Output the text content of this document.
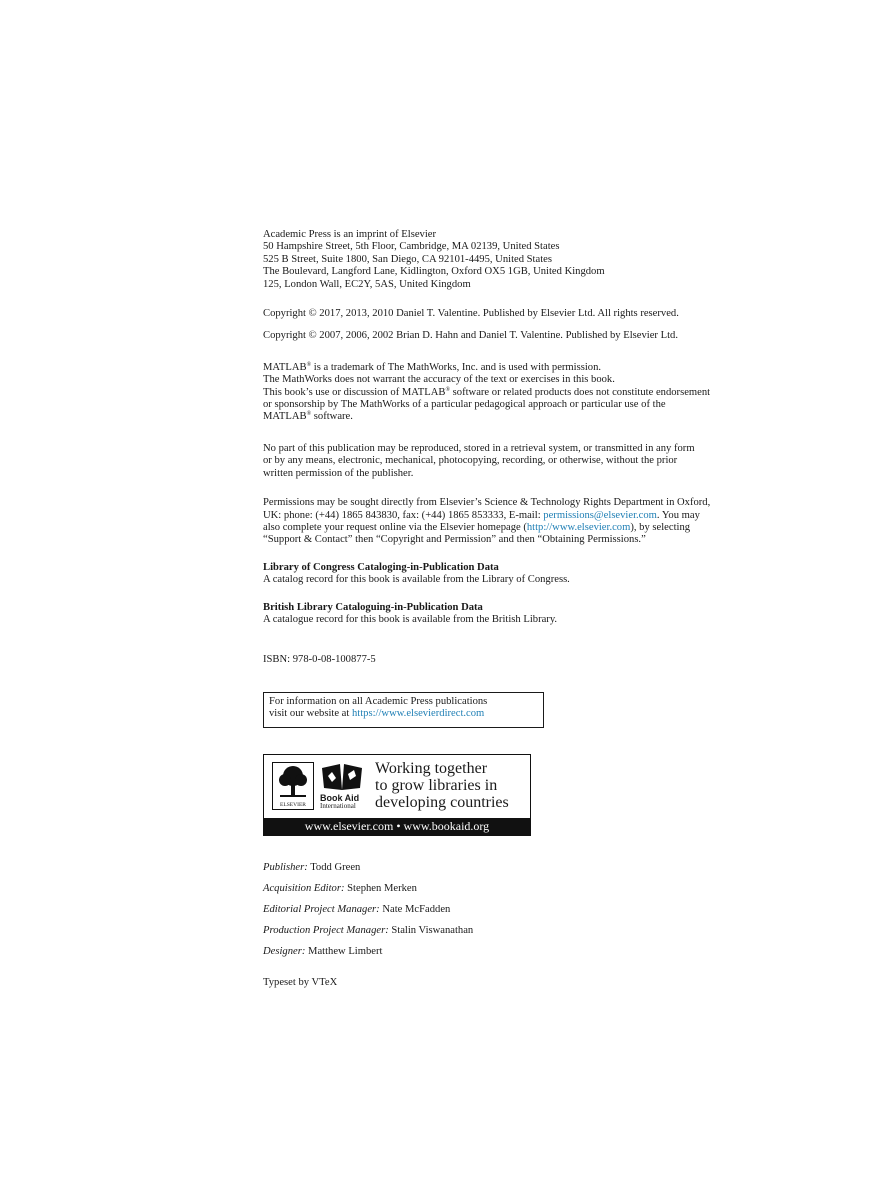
Academic Press is an imprint of Elsevier
50 Hampshire Street, 5th Floor, Cambridge, MA 02139, United States
525 B Street, Suite 1800, San Diego, CA 92101-4495, United States
The Boulevard, Langford Lane, Kidlington, Oxford OX5 1GB, United Kingdom
125, London Wall, EC2Y, 5AS, United Kingdom
Copyright © 2017, 2013, 2010 Daniel T. Valentine. Published by Elsevier Ltd. All rights reserved.
Copyright © 2007, 2006, 2002 Brian D. Hahn and Daniel T. Valentine. Published by Elsevier Ltd.
MATLAB® is a trademark of The MathWorks, Inc. and is used with permission.
The MathWorks does not warrant the accuracy of the text or exercises in this book.
This book’s use or discussion of MATLAB® software or related products does not constitute endorsement
or sponsorship by The MathWorks of a particular pedagogical approach or particular use of the
MATLAB® software.
No part of this publication may be reproduced, stored in a retrieval system, or transmitted in any form
or by any means, electronic, mechanical, photocopying, recording, or otherwise, without the prior
written permission of the publisher.
Permissions may be sought directly from Elsevier’s Science & Technology Rights Department in Oxford,
UK: phone: (+44) 1865 843830, fax: (+44) 1865 853333, E-mail: permissions@elsevier.com. You may
also complete your request online via the Elsevier homepage (http://www.elsevier.com), by selecting
“Support & Contact” then “Copyright and Permission” and then “Obtaining Permissions.”
Library of Congress Cataloging-in-Publication Data
A catalog record for this book is available from the Library of Congress.
British Library Cataloguing-in-Publication Data
A catalogue record for this book is available from the British Library.
ISBN: 978-0-08-100877-5
For information on all Academic Press publications
visit our website at https://www.elsevierdirect.com
ELSEVIER
Book Aid
International
Working together
to grow libraries in
developing countries
www.elsevier.com • www.bookaid.org
Publisher: Todd Green
Acquisition Editor: Stephen Merken
Editorial Project Manager: Nate McFadden
Production Project Manager: Stalin Viswanathan
Designer: Matthew Limbert
Typeset by VTeX
